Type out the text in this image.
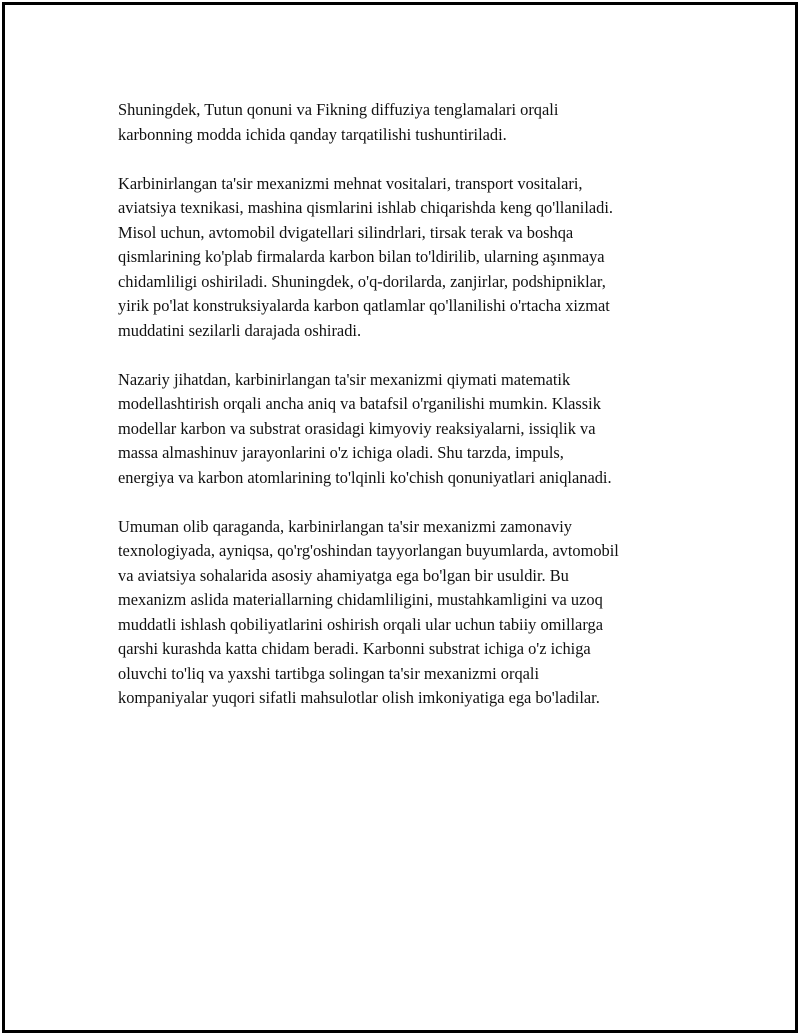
Shuningdek, Tutun qonuni va Fikning diffuziya tenglamalari orqali
karbonning modda ichida qanday tarqatilishi tushuntiriladi.

Karbinirlangan ta'sir mexanizmi mehnat vositalari, transport vositalari,
aviatsiya texnikasi, mashina qismlarini ishlab chiqarishda keng qo'llaniladi.
Misol uchun, avtomobil dvigatellari silindrlari, tirsak terak va boshqa
qismlarining ko'plab firmalarda karbon bilan to'ldirilib, ularning aşınmaya
chidamliligi oshiriladi. Shuningdek, o'q-dorilarda, zanjirlar, podshipniklar,
yirik po'lat konstruksiyalarda karbon qatlamlar qo'llanilishi o'rtacha xizmat
muddatini sezilarli darajada oshiradi.

Nazariy jihatdan, karbinirlangan ta'sir mexanizmi qiymati matematik
modellashtirish orqali ancha aniq va batafsil o'rganilishi mumkin. Klassik
modellar karbon va substrat orasidagi kimyoviy reaksiyalarni, issiqlik va
massa almashinuv jarayonlarini o'z ichiga oladi. Shu tarzda, impuls,
energiya va karbon atomlarining to'lqinli ko'chish qonuniyatlari aniqlanadi.

Umuman olib qaraganda, karbinirlangan ta'sir mexanizmi zamonaviy
texnologiyada, ayniqsa, qo'rg'oshindan tayyorlangan buyumlarda, avtomobil
va aviatsiya sohalarida asosiy ahamiyatga ega bo'lgan bir usuldir. Bu
mexanizm aslida materiallarning chidamliligini, mustahkamligini va uzoq
muddatli ishlash qobiliyatlarini oshirish orqali ular uchun tabiiy omillarga
qarshi kurashda katta chidam beradi. Karbonni substrat ichiga o'z ichiga
oluvchi to'liq va yaxshi tartibga solingan ta'sir mexanizmi orqali
kompaniyalar yuqori sifatli mahsulotlar olish imkoniyatiga ega bo'ladilar.
